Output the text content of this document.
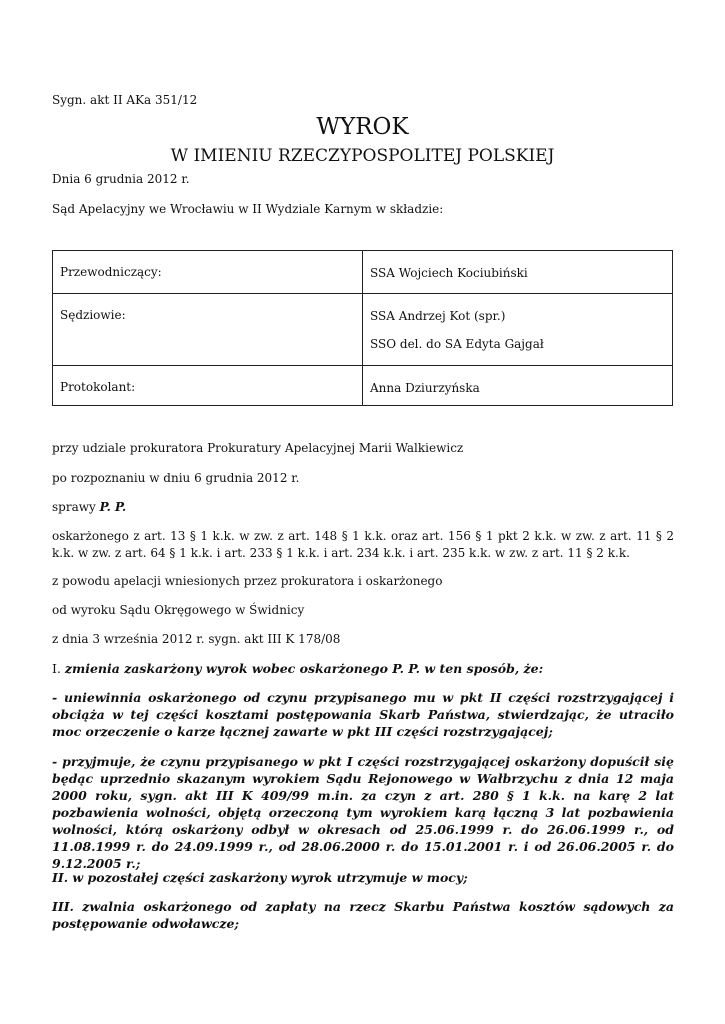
Sygn. akt II AKa 351/12

WYROK
W IMIENIU RZECZYPOSPOLITEJ POLSKIEJ

Dnia 6 grudnia 2012 r.

Sąd Apelacyjny we Wrocławiu w II Wydziale Karnym w składzie:

Przewodniczący:	SSA Wojciech Kociubiński

Sędziowie:	SSA Andrzej Kot (spr.)
SSO del. do SA Edyta Gajgał

Protokolant:	Anna Dziurzyńska

przy udziale prokuratora Prokuratury Apelacyjnej Marii Walkiewicz

po rozpoznaniu w dniu 6 grudnia 2012 r.

sprawy P. P.

oskarżonego z art. 13 § 1 k.k. w zw. z art. 148 § 1 k.k. oraz art. 156 § 1 pkt 2 k.k. w zw. z art. 11 § 2 k.k. w zw. z art. 64 § 1 k.k. i art. 233 § 1 k.k. i art. 234 k.k. i art. 235 k.k. w zw. z art. 11 § 2 k.k.

z powodu apelacji wniesionych przez prokuratora i oskarżonego

od wyroku Sądu Okręgowego w Świdnicy

z dnia 3 września 2012 r. sygn. akt III K 178/08

I. zmienia zaskarżony wyrok wobec oskarżonego P. P. w ten sposób, że:

- uniewinnia oskarżonego od czynu przypisanego mu w pkt II części rozstrzygającej i obciąża w tej części kosztami postępowania Skarb Państwa, stwierdzając, że utraciło moc orzeczenie o karze łącznej zawarte w pkt III części rozstrzygającej;

- przyjmuje, że czynu przypisanego w pkt I części rozstrzygającej oskarżony dopuścił się będąc uprzednio skazanym wyrokiem Sądu Rejonowego w Wałbrzychu z dnia 12 maja 2000 roku, sygn. akt III K 409/99 m.in. za czyn z art. 280 § 1 k.k. na karę 2 lat pozbawienia wolności, objętą orzeczoną tym wyrokiem karą łączną 3 lat pozbawienia wolności, którą oskarżony odbył w okresach od 25.06.1999 r. do 26.06.1999 r., od 11.08.1999 r. do 24.09.1999 r., od 28.06.2000 r. do 15.01.2001 r. i od 26.06.2005 r. do 9.12.2005 r.;

II. w pozostałej części zaskarżony wyrok utrzymuje w mocy;

III. zwalnia oskarżonego od zapłaty na rzecz Skarbu Państwa kosztów sądowych za postępowanie odwoławcze;
